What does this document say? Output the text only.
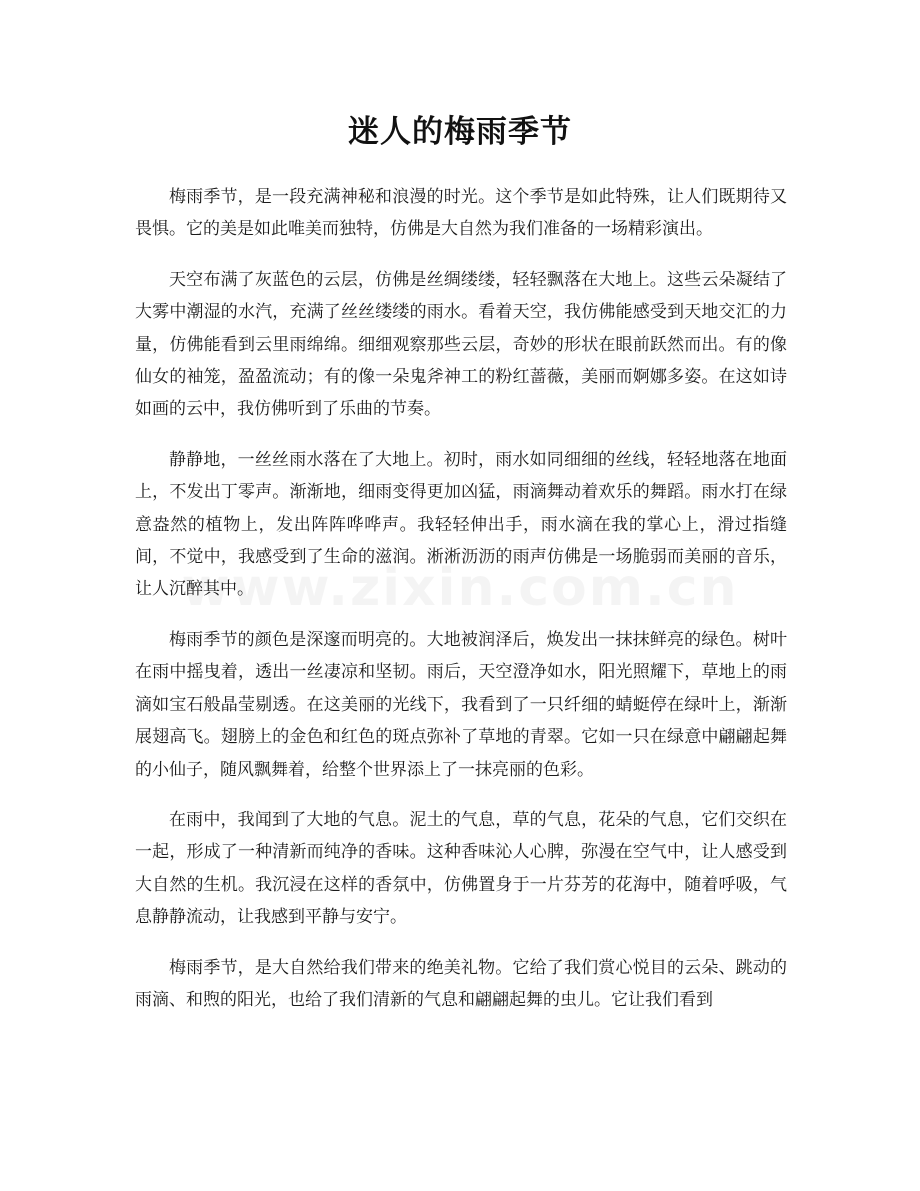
迷人的梅雨季节

梅雨季节，是一段充满神秘和浪漫的时光。这个季节是如此特殊，让人们既期待又畏惧。它的美是如此唯美而独特，仿佛是大自然为我们准备的一场精彩演出。

天空布满了灰蓝色的云层，仿佛是丝绸缕缕，轻轻飘落在大地上。这些云朵凝结了大雾中潮湿的水汽，充满了丝丝缕缕的雨水。看着天空，我仿佛能感受到天地交汇的力量，仿佛能看到云里雨绵绵。细细观察那些云层，奇妙的形状在眼前跃然而出。有的像仙女的袖笼，盈盈流动；有的像一朵鬼斧神工的粉红蔷薇，美丽而婀娜多姿。在这如诗如画的云中，我仿佛听到了乐曲的节奏。

静静地，一丝丝雨水落在了大地上。初时，雨水如同细细的丝线，轻轻地落在地面上，不发出丁零声。渐渐地，细雨变得更加凶猛，雨滴舞动着欢乐的舞蹈。雨水打在绿意盎然的植物上，发出阵阵哗哗声。我轻轻伸出手，雨水滴在我的掌心上，滑过指缝间，不觉中，我感受到了生命的滋润。淅淅沥沥的雨声仿佛是一场脆弱而美丽的音乐，让人沉醉其中。

梅雨季节的颜色是深邃而明亮的。大地被润泽后，焕发出一抹抹鲜亮的绿色。树叶在雨中摇曳着，透出一丝凄凉和坚韧。雨后，天空澄净如水，阳光照耀下，草地上的雨滴如宝石般晶莹剔透。在这美丽的光线下，我看到了一只纤细的蜻蜓停在绿叶上，渐渐展翅高飞。翅膀上的金色和红色的斑点弥补了草地的青翠。它如一只在绿意中翩翩起舞的小仙子，随风飘舞着，给整个世界添上了一抹亮丽的色彩。

在雨中，我闻到了大地的气息。泥土的气息，草的气息，花朵的气息，它们交织在一起，形成了一种清新而纯净的香味。这种香味沁人心脾，弥漫在空气中，让人感受到大自然的生机。我沉浸在这样的香氛中，仿佛置身于一片芬芳的花海中，随着呼吸，气息静静流动，让我感到平静与安宁。

梅雨季节，是大自然给我们带来的绝美礼物。它给了我们赏心悦目的云朵、跳动的雨滴、和煦的阳光，也给了我们清新的气息和翩翩起舞的虫儿。它让我们看到
